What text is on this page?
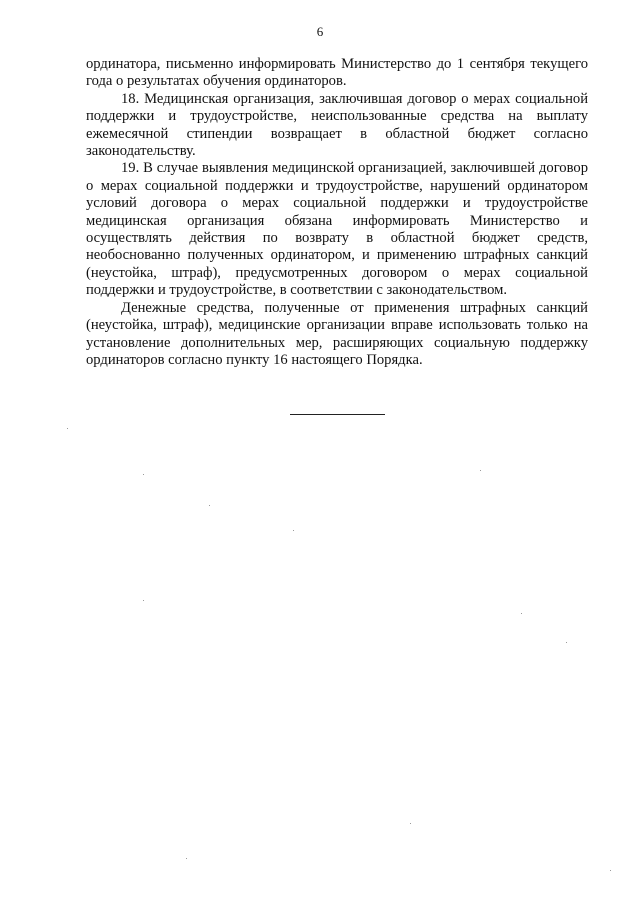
6

ординатора, письменно информировать Министерство до 1 сентября текущего года о результатах обучения ординаторов.

18. Медицинская организация, заключившая договор о мерах социальной поддержки и трудоустройстве, неиспользованные средства на выплату ежемесячной стипендии возвращает в областной бюджет согласно законодательству.

19. В случае выявления медицинской организацией, заключившей договор о мерах социальной поддержки и трудоустройстве, нарушений ординатором условий договора о мерах социальной поддержки и трудоустройстве медицинская организация обязана информировать Министерство и осуществлять действия по возврату в областной бюджет средств, необоснованно полученных ординатором, и применению штрафных санкций (неустойка, штраф), предусмотренных договором о мерах социальной поддержки и трудоустройстве, в соответствии с законодательством.

Денежные средства, полученные от применения штрафных санкций (неустойка, штраф), медицинские организации вправе использовать только на установление дополнительных мер, расширяющих социальную поддержку ординаторов согласно пункту 16 настоящего Порядка.
